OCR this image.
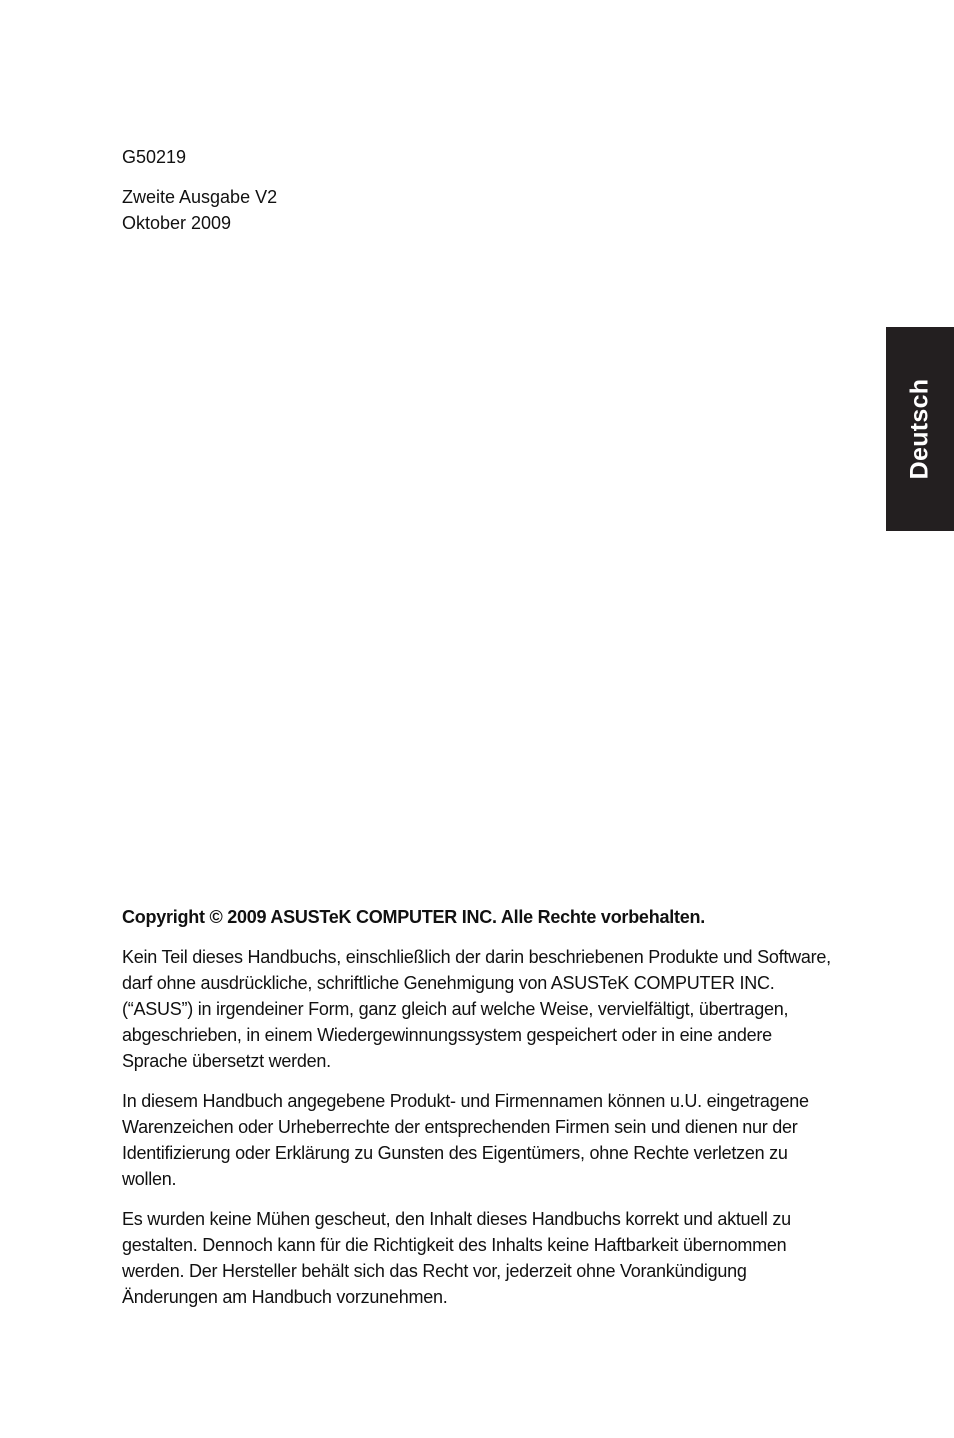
G50219
Zweite Ausgabe V2
Oktober 2009
Deutsch

Copyright © 2009 ASUSTeK COMPUTER INC. Alle Rechte vorbehalten.

Kein Teil dieses Handbuchs, einschließlich der darin beschriebenen Produkte und Software, darf ohne ausdrückliche, schriftliche Genehmigung von ASUSTeK COMPUTER INC. (“ASUS”) in irgendeiner Form, ganz gleich auf welche Weise, vervielfältigt, übertragen, abgeschrieben, in einem Wiedergewinnungssystem gespeichert oder in eine andere Sprache übersetzt werden.

In diesem Handbuch angegebene Produkt- und Firmennamen können u.U. eingetragene Warenzeichen oder Urheberrechte der entsprechenden Firmen sein und dienen nur der Identifizierung oder Erklärung zu Gunsten des Eigentümers, ohne Rechte verletzen zu wollen.

Es wurden keine Mühen gescheut, den Inhalt dieses Handbuchs korrekt und aktuell zu gestalten. Dennoch kann für die Richtigkeit des Inhalts keine Haftbarkeit übernommen werden. Der Hersteller behält sich das Recht vor, jederzeit ohne Vorankündigung Änderungen am Handbuch vorzunehmen.
